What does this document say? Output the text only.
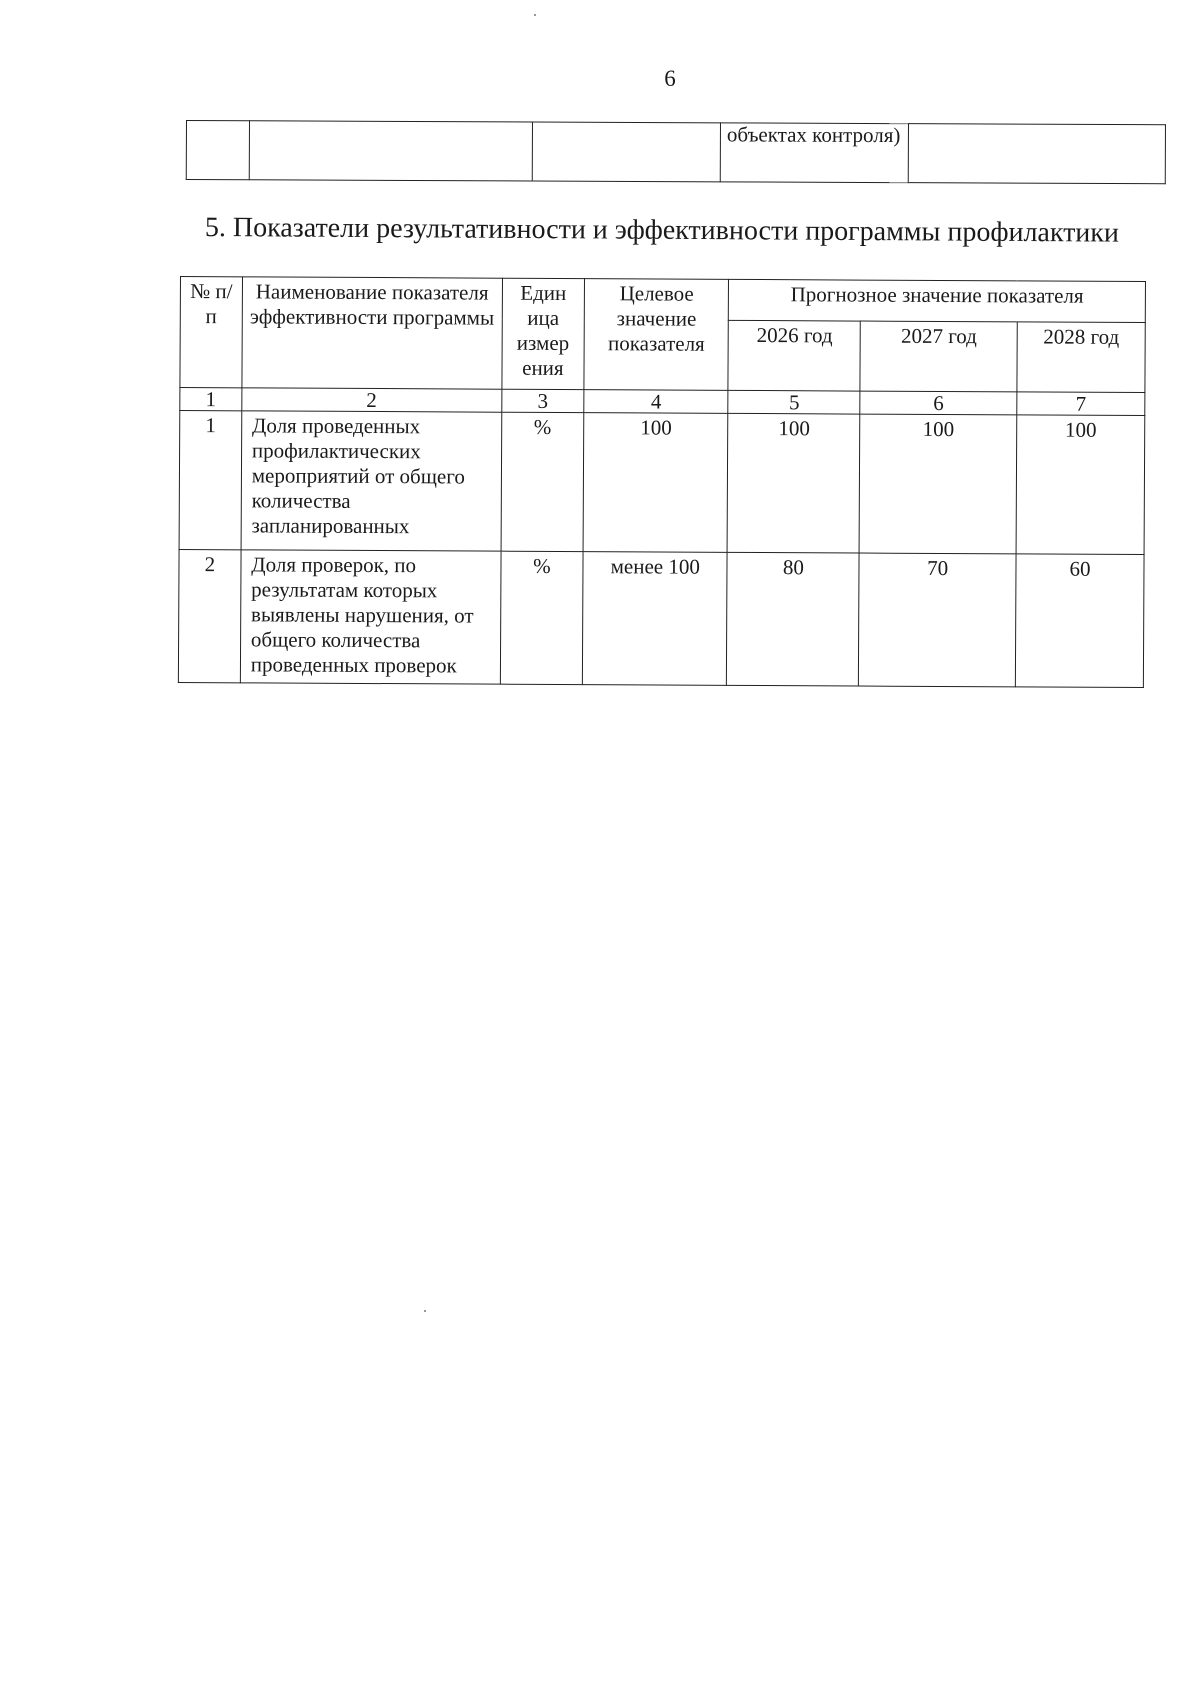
6
			объектах контроля)	
5. Показатели результативности и эффективности программы профилактики
№ п/п	Наименование показателя эффективности программы	Един ица измер ения	Целевое значение показателя	Прогнозное значение показателя		
				2026 год	2027 год	2028 год
1	2	3	4	5	6	7
1	Доля проведенных профилактических мероприятий от общего количества запланированных	%	100	100	100	100
2	Доля проверок, по результатам которых выявлены нарушения, от общего количества проведенных проверок	%	менее 100	80	70	60
